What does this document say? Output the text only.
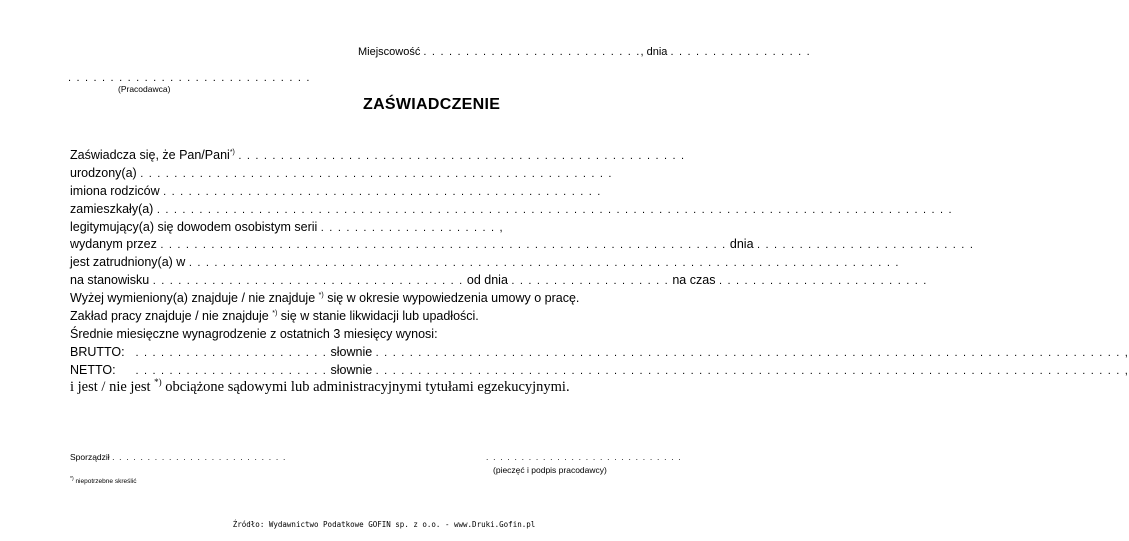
Miejscowość . . . . . . . . . . . . . . . . . . . . . . . . . ., dnia . . . . . . . . . . . . . . . . .
. . . . . . . . . . . . . . . . . . . . . . . . . . . . .
(Pracodawca)
ZAŚWIADCZENIE
Zaświadcza się, że Pan/Pani*) . . . . . . . . . . . . . . . . . . . . . . . . . . . . . . . . . . . . . . . . . . . . . . . . . . . . .
urodzony(a) . . . . . . . . . . . . . . . . . . . . . . . . . . . . . . . . . . . . . . . . . . . . . . . . . . . . . . . .
imiona rodziców . . . . . . . . . . . . . . . . . . . . . . . . . . . . . . . . . . . . . . . . . . . . . . . . . . . .
zamieszkały(a) . . . . . . . . . . . . . . . . . . . . . . . . . . . . . . . . . . . . . . . . . . . . . . . . . . . . . . . . . . . . . . . . . . . . . . . . . . . . . . . . . . . . . . . . . . . . . .
legitymujący(a) się dowodem osobistym serii . . . . . . . . . . . . . . . . . . . . . ,
wydanym przez . . . . . . . . . . . . . . . . . . . . . . . . . . . . . . . . . . . . . . . . . . . . . . . . . . . . . . . . . . . . . . . . . . . dnia . . . . . . . . . . . . . . . . . . . . . . . . . .
jest zatrudniony(a) w . . . . . . . . . . . . . . . . . . . . . . . . . . . . . . . . . . . . . . . . . . . . . . . . . . . . . . . . . . . . . . . . . . . . . . . . . . . . . . . . . . . .
na stanowisku . . . . . . . . . . . . . . . . . . . . . . . . . . . . . . . . . . . . . od dnia . . . . . . . . . . . . . . . . . . . na czas . . . . . . . . . . . . . . . . . . . . . . . . .
Wyżej wymieniony(a) znajduje / nie znajduje *) się w okresie wypowiedzenia umowy o pracę.
Zakład pracy znajduje / nie znajduje *) się w stanie likwidacji lub upadłości.
Średnie miesięczne wynagrodzenie z ostatnich 3 miesięcy wynosi:
BRUTTO: . . . . . . . . . . . . . . . . . . . . . . . słownie . . . . . . . . . . . . . . . . . . . . . . . . . . . . . . . . . . . . . . . . . . . . . . . . . . . . . . . . . . . . . . . . . . . . . . . . . . . . . . . . . . . . . . . . ,
NETTO: . . . . . . . . . . . . . . . . . . . . . . . słownie . . . . . . . . . . . . . . . . . . . . . . . . . . . . . . . . . . . . . . . . . . . . . . . . . . . . . . . . . . . . . . . . . . . . . . . . . . . . . . . . . . . . . . . . ,
i jest / nie jest *) obciążone sądowymi lub administracyjnymi tytułami egzekucyjnymi.
Sporządził . . . . . . . . . . . . . . . . . . . . . . . . .	. . . . . . . . . . . . . . . . . . . . . . . . . . . .
(pieczęć i podpis pracodawcy)
*) niepotrzebne skreślić
Źródło: Wydawnictwo Podatkowe GOFIN sp. z o.o. - www.Druki.Gofin.pl
